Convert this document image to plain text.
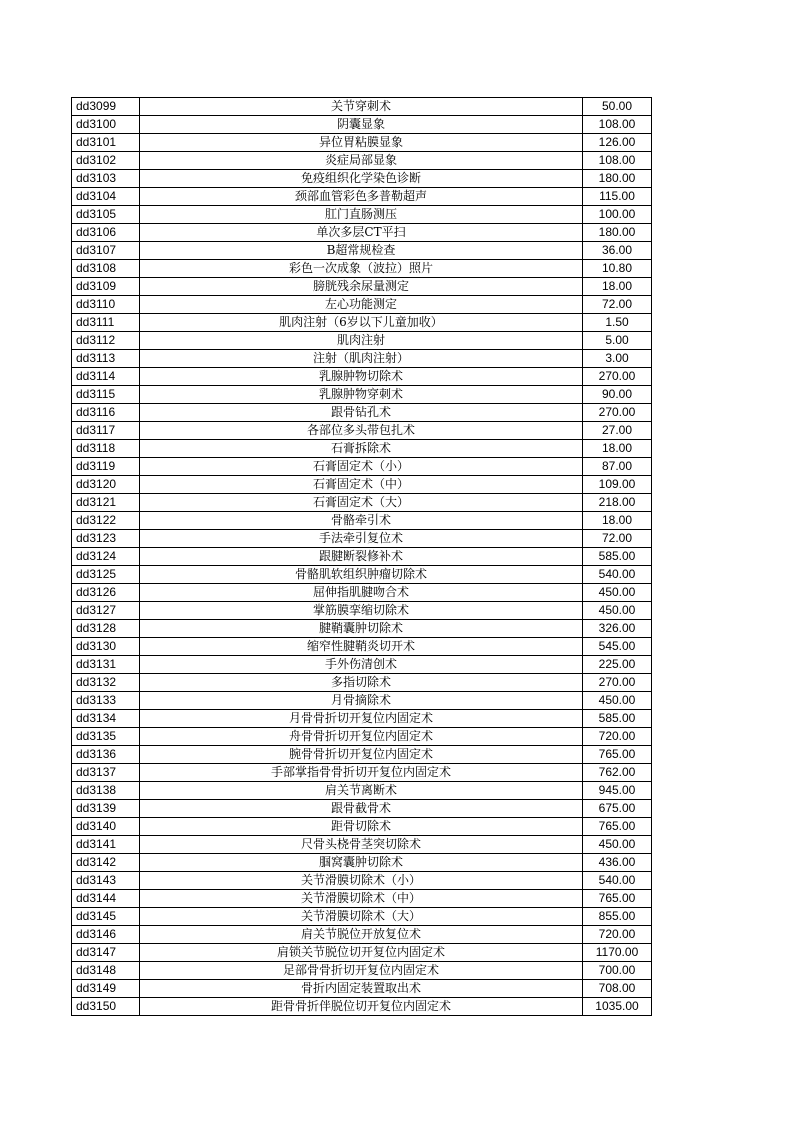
dd3099	关节穿刺术	50.00
dd3100	阴囊显象	108.00
dd3101	异位胃粘膜显象	126.00
dd3102	炎症局部显象	108.00
dd3103	免疫组织化学染色诊断	180.00
dd3104	颈部血管彩色多普勒超声	115.00
dd3105	肛门直肠测压	100.00
dd3106	单次多层CT平扫	180.00
dd3107	B超常规检查	36.00
dd3108	彩色一次成象（波拉）照片	10.80
dd3109	膀胱残余尿量测定	18.00
dd3110	左心功能测定	72.00
dd3111	肌肉注射（6岁以下儿童加收）	1.50
dd3112	肌肉注射	5.00
dd3113	注射（肌肉注射）	3.00
dd3114	乳腺肿物切除术	270.00
dd3115	乳腺肿物穿刺术	90.00
dd3116	跟骨钻孔术	270.00
dd3117	各部位多头带包扎术	27.00
dd3118	石膏拆除术	18.00
dd3119	石膏固定术（小）	87.00
dd3120	石膏固定术（中）	109.00
dd3121	石膏固定术（大）	218.00
dd3122	骨骼牵引术	18.00
dd3123	手法牵引复位术	72.00
dd3124	跟腱断裂修补术	585.00
dd3125	骨骼肌软组织肿瘤切除术	540.00
dd3126	屈伸指肌腱吻合术	450.00
dd3127	掌筋膜挛缩切除术	450.00
dd3128	腱鞘囊肿切除术	326.00
dd3130	缩窄性腱鞘炎切开术	545.00
dd3131	手外伤清创术	225.00
dd3132	多指切除术	270.00
dd3133	月骨摘除术	450.00
dd3134	月骨骨折切开复位内固定术	585.00
dd3135	舟骨骨折切开复位内固定术	720.00
dd3136	腕骨骨折切开复位内固定术	765.00
dd3137	手部掌指骨骨折切开复位内固定术	762.00
dd3138	肩关节离断术	945.00
dd3139	跟骨截骨术	675.00
dd3140	距骨切除术	765.00
dd3141	尺骨头桡骨茎突切除术	450.00
dd3142	腘窝囊肿切除术	436.00
dd3143	关节滑膜切除术（小）	540.00
dd3144	关节滑膜切除术（中）	765.00
dd3145	关节滑膜切除术（大）	855.00
dd3146	肩关节脱位开放复位术	720.00
dd3147	肩锁关节脱位切开复位内固定术	1170.00
dd3148	足部骨骨折切开复位内固定术	700.00
dd3149	骨折内固定装置取出术	708.00
dd3150	距骨骨折伴脱位切开复位内固定术	1035.00
